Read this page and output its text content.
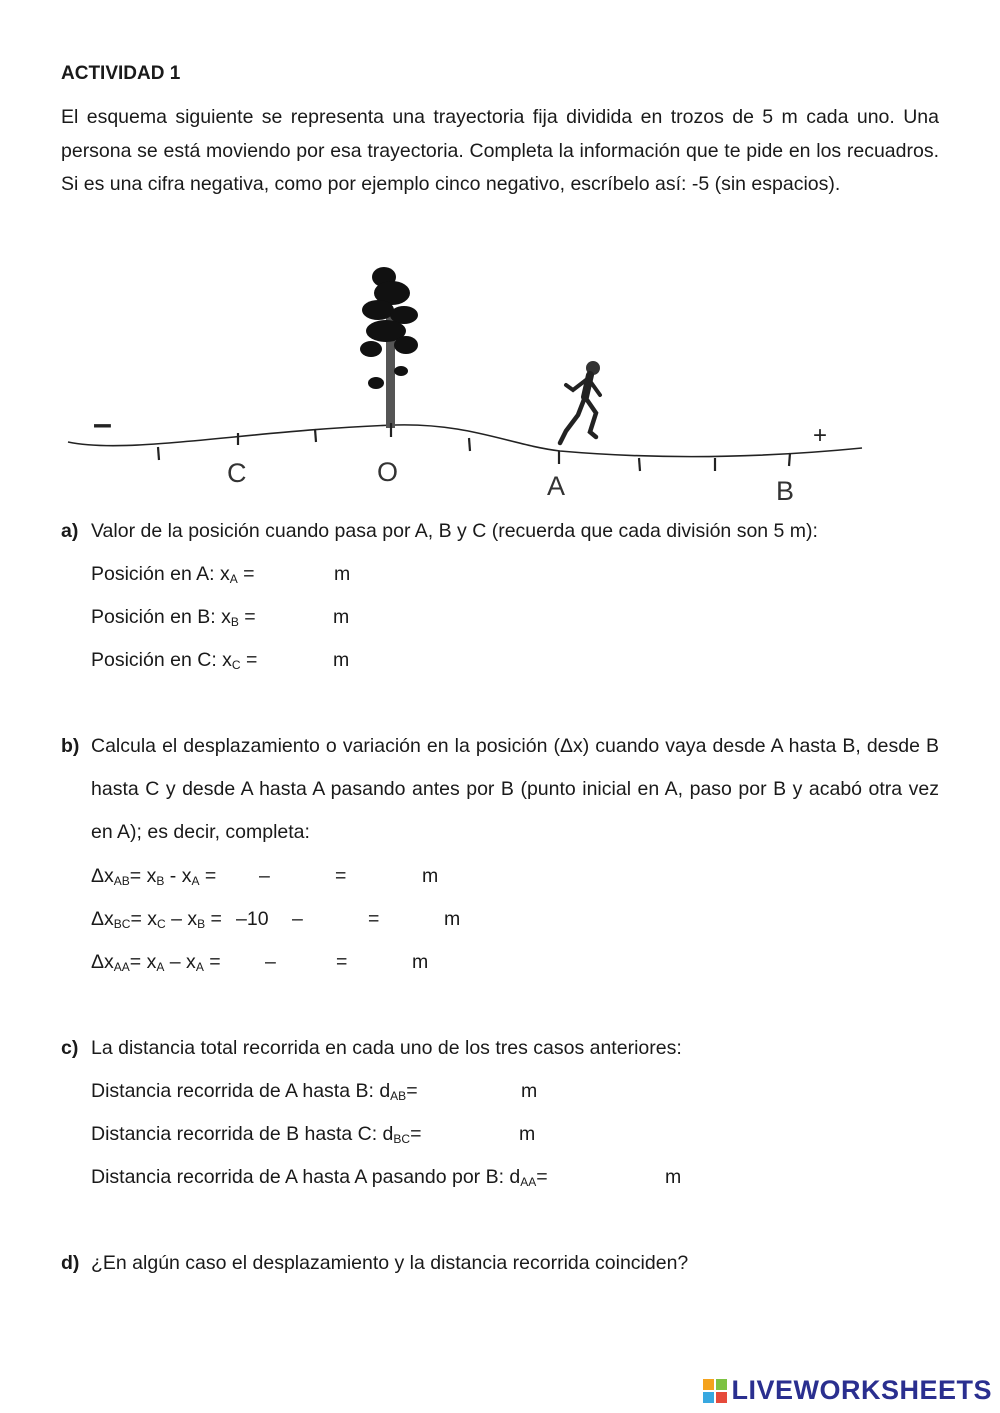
ACTIVIDAD 1
El esquema siguiente se representa una trayectoria fija dividida en trozos de 5 m cada uno. Una persona se está moviendo por esa trayectoria. Completa la información que te pide en los recuadros. Si es una cifra negativa, como por ejemplo cinco negativo, escríbelo así: -5 (sin espacios).
–	+
C	O	A	B
a) Valor de la posición cuando pasa por A, B y C (recuerda que cada división son 5 m):
Posición en A: $x_A$ =	m
Posición en B: $x_B$ =	m
Posición en C: $x_C$ =	m
b) Calcula el desplazamiento o variación en la posición (Δx) cuando vaya desde A hasta B, desde B hasta C y desde A hasta A pasando antes por B (punto inicial en A, paso por B y acabó otra vez en A); es decir, completa:
$\Delta x_{AB}= x_B - x_A$ = –	=	m
$\Delta x_{BC}= x_C - x_B = -10$ –	=	m
$\Delta x_{AA}= x_A - x_A$ = –	=	m
c) La distancia total recorrida en cada uno de los tres casos anteriores:
Distancia recorrida de A hasta B: $d_{AB}=$	m
Distancia recorrida de B hasta C: $d_{BC}=$	m
Distancia recorrida de A hasta A pasando por B: $d_{AA}=$	m
d) ¿En algún caso el desplazamiento y la distancia recorrida coinciden?
LIVEWORKSHEETS
